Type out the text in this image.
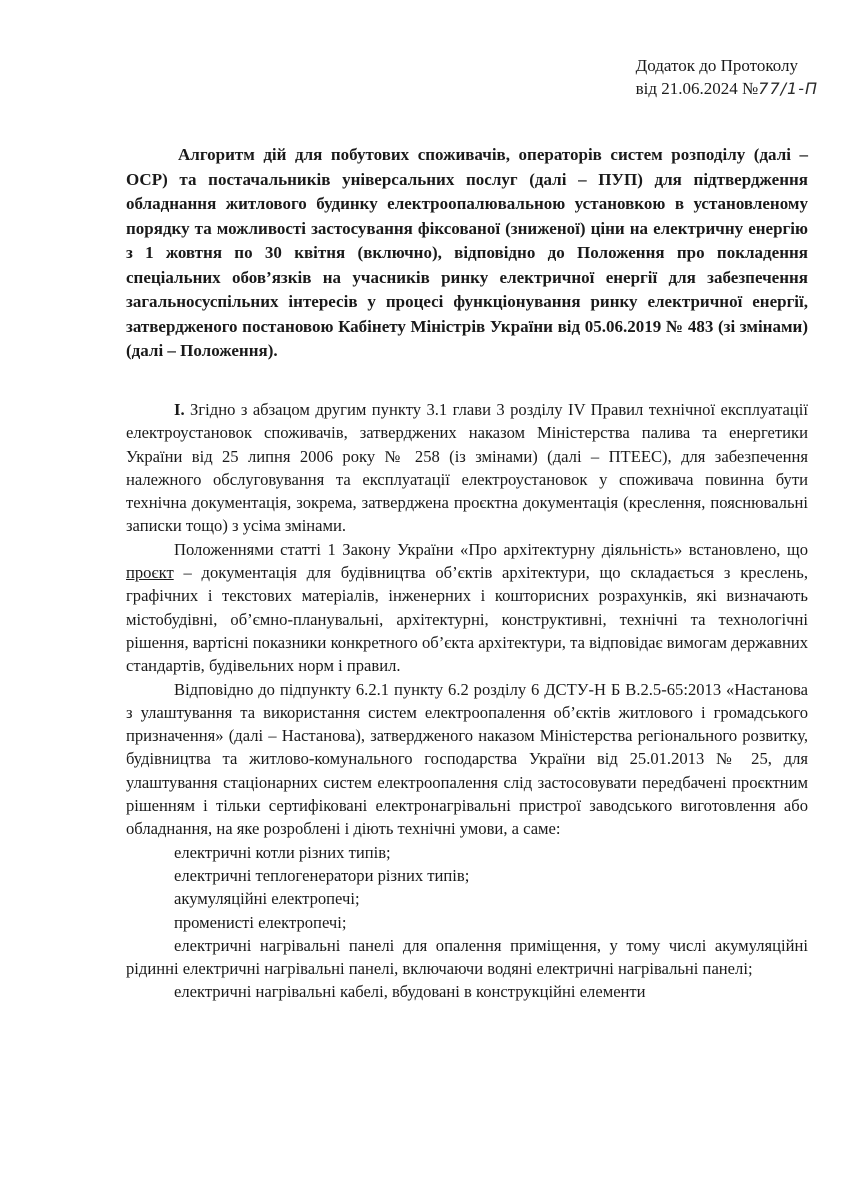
Додаток до Протоколу
від 21.06.2024 №77/1-П
Алгоритм дій для побутових споживачів, операторів систем розподілу (далі – ОСР) та постачальників універсальних послуг (далі – ПУП) для підтвердження обладнання житлового будинку електроопалювальною установкою в установленому порядку та можливості застосування фіксованої (зниженої) ціни на електричну енергію з 1 жовтня по 30 квітня (включно), відповідно до Положення про покладення спеціальних обов’язків на учасників ринку електричної енергії для забезпечення загальносуспільних інтересів у процесі функціонування ринку електричної енергії, затвердженого постановою Кабінету Міністрів України від 05.06.2019 № 483 (зі змінами) (далі – Положення).

I. Згідно з абзацом другим пункту 3.1 глави 3 розділу IV Правил технічної експлуатації електроустановок споживачів, затверджених наказом Міністерства палива та енергетики України від 25 липня 2006 року № 258 (із змінами) (далі – ПТЕЕС), для забезпечення належного обслуговування та експлуатації електроустановок у споживача повинна бути технічна документація, зокрема, затверджена проєктна документація (креслення, пояснювальні записки тощо) з усіма змінами.

Положеннями статті 1 Закону України «Про архітектурну діяльність» встановлено, що проєкт – документація для будівництва об’єктів архітектури, що складається з креслень, графічних і текстових матеріалів, інженерних і кошторисних розрахунків, які визначають містобудівні, об’ємно-планувальні, архітектурні, конструктивні, технічні та технологічні рішення, вартісні показники конкретного об’єкта архітектури, та відповідає вимогам державних стандартів, будівельних норм і правил.

Відповідно до підпункту 6.2.1 пункту 6.2 розділу 6 ДСТУ-Н Б В.2.5-65:2013 «Настанова з улаштування та використання систем електроопалення об’єктів житлового і громадського призначення» (далі – Настанова), затвердженого наказом Міністерства регіонального розвитку, будівництва та житлово-комунального господарства України від 25.01.2013 № 25, для улаштування стаціонарних систем електроопалення слід застосовувати передбачені проєктним рішенням і тільки сертифіковані електронагрівальні пристрої заводського виготовлення або обладнання, на яке розроблені і діють технічні умови, а саме:

електричні котли різних типів;

електричні теплогенератори різних типів;

акумуляційні електропечі;

променисті електропечі;

електричні нагрівальні панелі для опалення приміщення, у тому числі акумуляційні рідинні електричні нагрівальні панелі, включаючи водяні електричні нагрівальні панелі;

електричні нагрівальні кабелі, вбудовані в конструкційні елементи
